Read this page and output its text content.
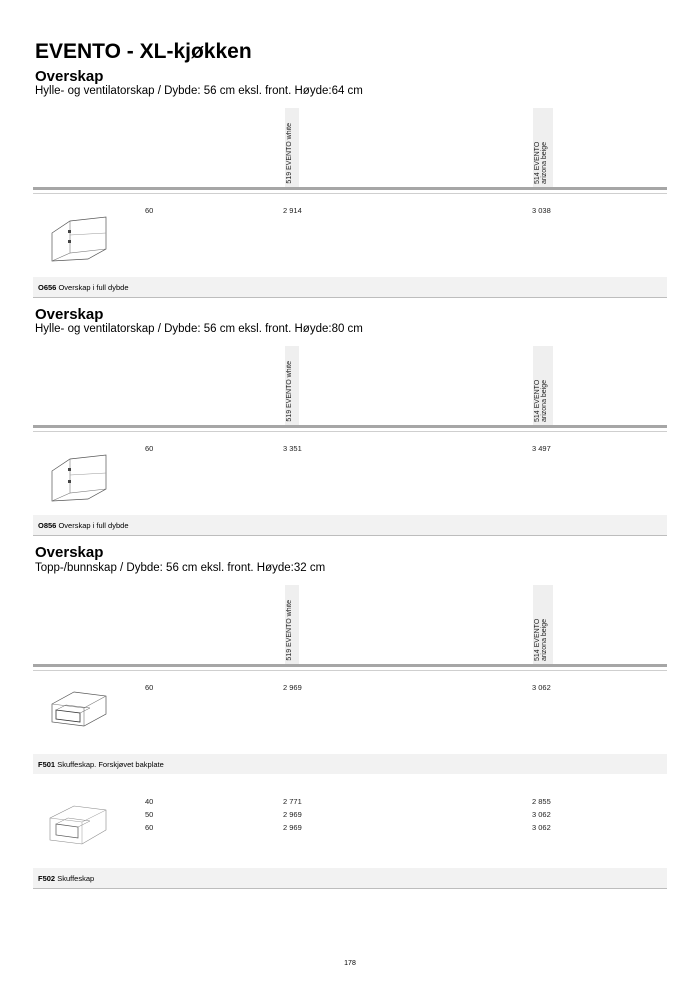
EVENTO - XL-kjøkken
Overskap
Hylle- og ventilatorskap / Dybde: 56 cm eksl. front. Høyde:64 cm
519 EVENTO white	514 EVENTO arizona beige
60	2 914	3 038
O656 Overskap i full dybde
Overskap
Hylle- og ventilatorskap / Dybde: 56 cm eksl. front. Høyde:80 cm
519 EVENTO white	514 EVENTO arizona beige
60	3 351	3 497
O856 Overskap i full dybde
Overskap
Topp-/bunnskap / Dybde: 56 cm eksl. front. Høyde:32 cm
519 EVENTO white	514 EVENTO arizona beige
60	2 969	3 062
F501 Skuffeskap. Forskjøvet bakplate
40	2 771	2 855
50	2 969	3 062
60	2 969	3 062
F502 Skuffeskap
178
